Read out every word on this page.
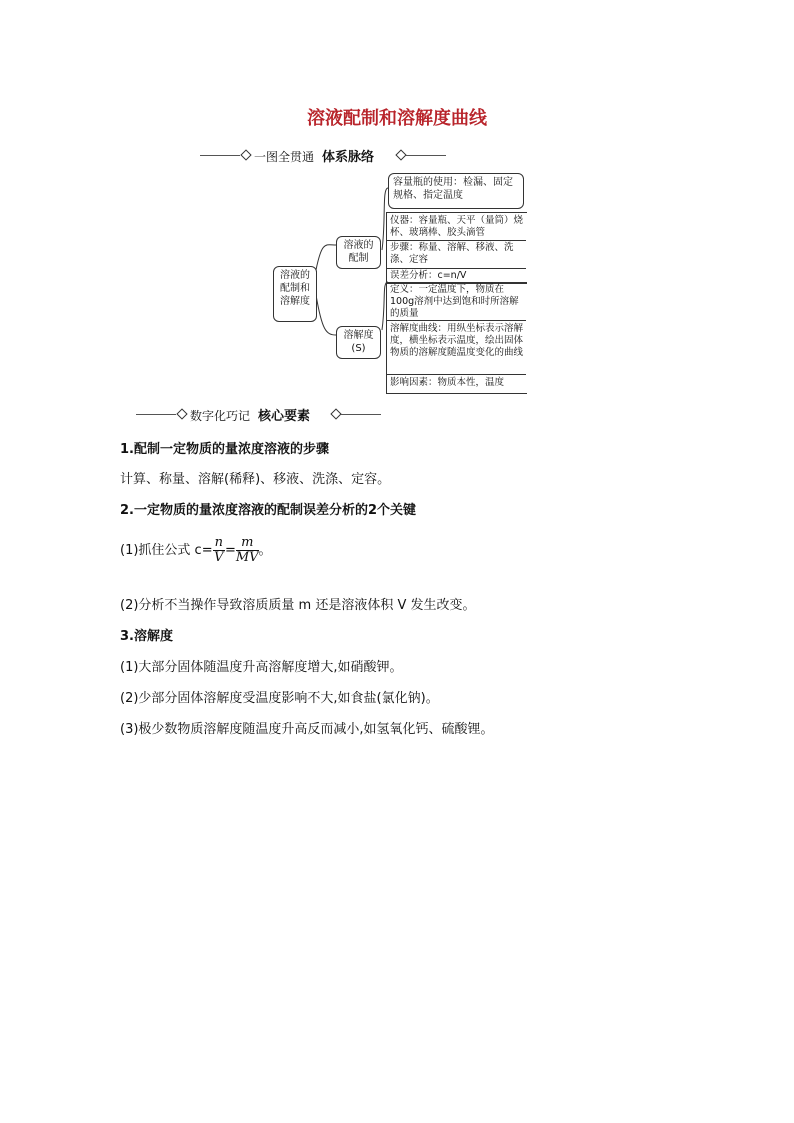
溶液配制和溶解度曲线
一图全贯通 体系脉络
溶液的配制和溶解度
溶液的配制
溶解度(S)
容量瓶的使用：检漏、固定规格、指定温度
仪器：容量瓶、天平（量筒）烧杯、玻璃棒、胶头滴管
步骤：称量、溶解、移液、洗涤、定容
误差分析：c=n/V
定义：一定温度下，物质在100g溶剂中达到饱和时所溶解的质量
溶解度曲线：用纵坐标表示溶解度，横坐标表示温度，绘出固体物质的溶解度随温度变化的曲线
影响因素：物质本性，温度
数字化巧记 核心要素
1.配制一定物质的量浓度溶液的步骤
计算、称量、溶解(稀释)、移液、洗涤、定容。
2.一定物质的量浓度溶液的配制误差分析的2个关键
(1)抓住公式 $c= \frac{n}{V} = \frac{m}{MV}$ 。
(2)分析不当操作导致溶质质量 m 还是溶液体积 V 发生改变。
3.溶解度
(1)大部分固体随温度升高溶解度增大,如硝酸钾。
(2)少部分固体溶解度受温度影响不大,如食盐(氯化钠)。
(3)极少数物质溶解度随温度升高反而减小,如氢氧化钙、硫酸锂。
